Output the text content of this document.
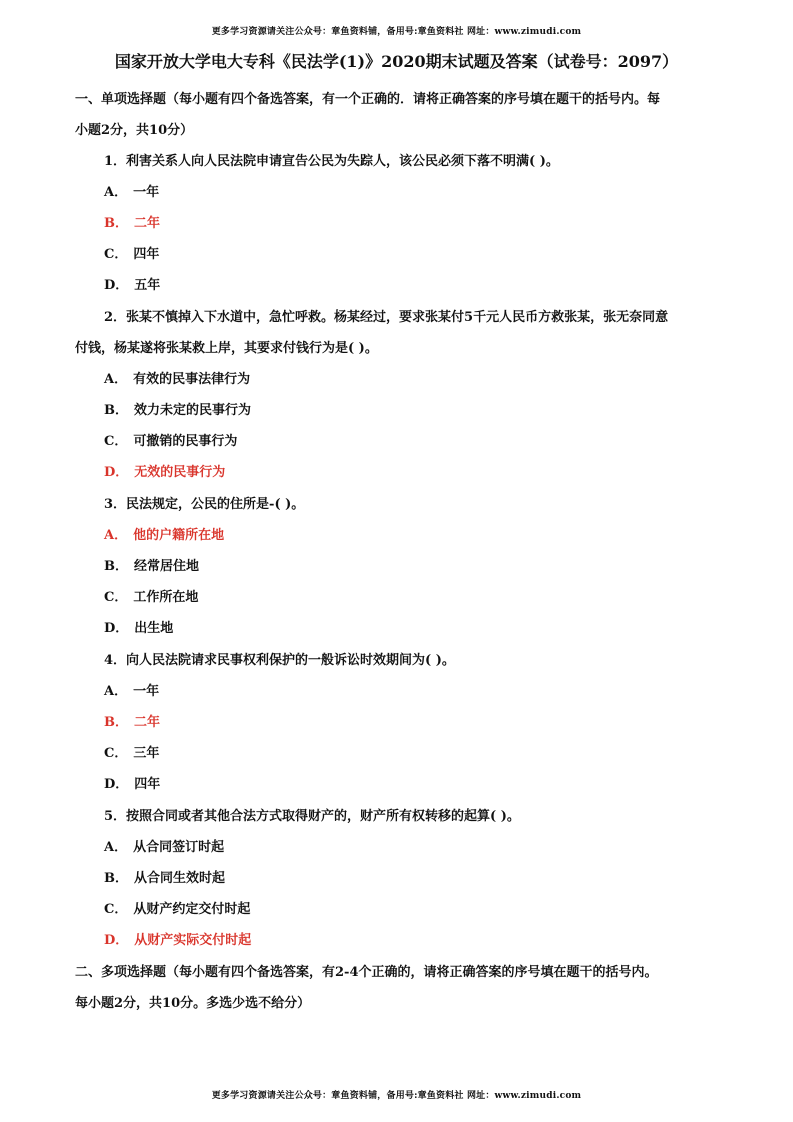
更多学习资源请关注公众号：章鱼资料铺，备用号:章鱼资料社 网址：www.zimudi.com
国家开放大学电大专科《民法学(1)》2020期末试题及答案（试卷号：2097）
一、单项选择题（每小题有四个备选答案，有一个正确的．请将正确答案的序号填在题干的括号内。每
小题2分，共10分）
1．利害关系人向人民法院申请宣告公民为失踪人，该公民必须下落不明满( )。
A． 一年
B． 二年
C． 四年
D． 五年
2．张某不慎掉入下水道中，急忙呼救。杨某经过，要求张某付5千元人民币方救张某，张无奈同意
付钱，杨某遂将张某救上岸，其要求付钱行为是( )。
A． 有效的民事法律行为
B． 效力未定的民事行为
C． 可撤销的民事行为
D． 无效的民事行为
3．民法规定，公民的住所是-( )。
A． 他的户籍所在地
B． 经常居住地
C． 工作所在地
D． 出生地
4．向人民法院请求民事权利保护的一般诉讼时效期间为( )。
A． 一年
B． 二年
C． 三年
D． 四年
5．按照合同或者其他合法方式取得财产的，财产所有权转移的起算( )。
A． 从合同签订时起
B． 从合同生效时起
C． 从财产约定交付时起
D． 从财产实际交付时起
二、多项选择题（每小题有四个备选答案，有2-4个正确的，请将正确答案的序号填在题干的括号内。
每小题2分，共10分。多选少选不给分）
更多学习资源请关注公众号：章鱼资料铺，备用号:章鱼资料社 网址：www.zimudi.com
